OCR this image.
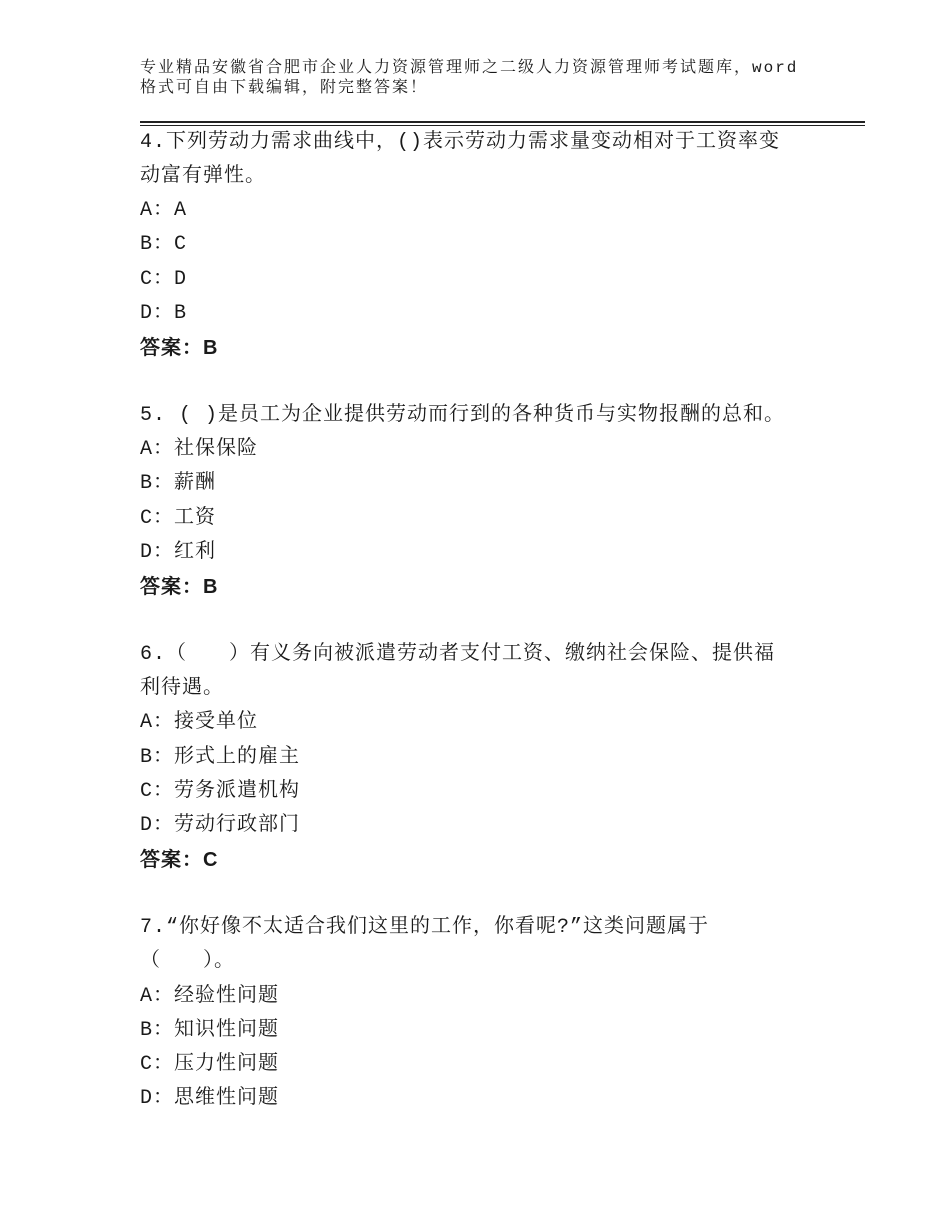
专业精品安徽省合肥市企业人力资源管理师之二级人力资源管理师考试题库，word
格式可自由下载编辑，附完整答案！
4.下列劳动力需求曲线中，()表示劳动力需求量变动相对于工资率变
动富有弹性。
A：A
B：C
C：D
D：B
答案：B
5. ( )是员工为企业提供劳动而行到的各种货币与实物报酬的总和。
A：社保保险
B：薪酬
C：工资
D：红利
答案：B
6.（　　）有义务向被派遣劳动者支付工资、缴纳社会保险、提供福
利待遇。
A：接受单位
B：形式上的雇主
C：劳务派遣机构
D：劳动行政部门
答案：C
7.“你好像不太适合我们这里的工作，你看呢?”这类问题属于
（　　）。
A：经验性问题
B：知识性问题
C：压力性问题
D：思维性问题
